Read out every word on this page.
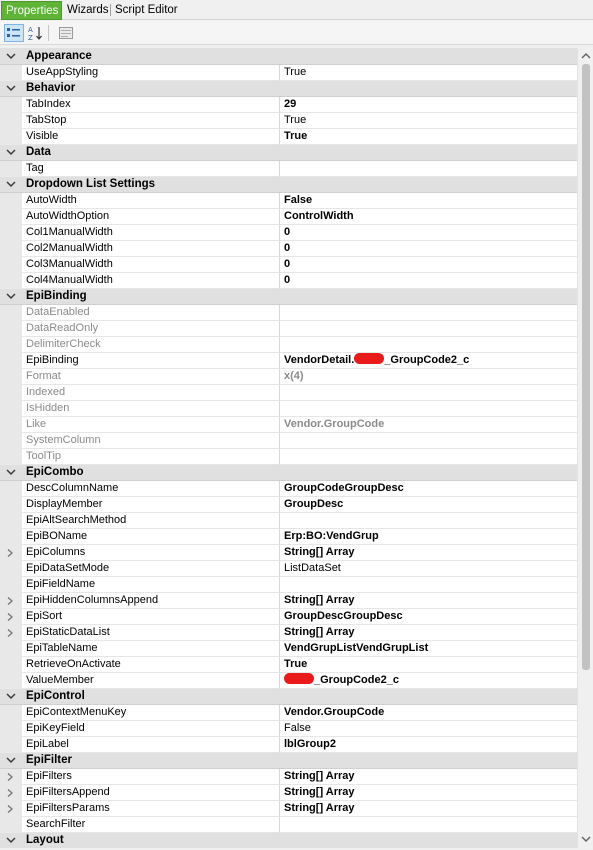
Properties Wizards Script Editor
A
Z
Appearance
UseAppStyling	True
Behavior
TabIndex	29
TabStop	True
Visible	True
Data
Tag
Dropdown List Settings
AutoWidth	False
AutoWidthOption	ControlWidth
Col1ManualWidth	0
Col2ManualWidth	0
Col3ManualWidth	0
Col4ManualWidth	0
EpiBinding
DataEnabled
DataReadOnly
DelimiterCheck
EpiBinding	VendorDetail.	_GroupCode2_c
Format	x(4)
Indexed
IsHidden
Like	Vendor.GroupCode
SystemColumn
ToolTip
EpiCombo
DescColumnName	GroupCodeGroupDesc
DisplayMember	GroupDesc
EpiAltSearchMethod
EpiBOName	Erp:BO:VendGrup
EpiColumns	String[] Array
EpiDataSetMode	ListDataSet
EpiFieldName
EpiHiddenColumnsAppend	String[] Array
EpiSort	GroupDescGroupDesc
EpiStaticDataList	String[] Array
EpiTableName	VendGrupListVendGrupList
RetrieveOnActivate	True
ValueMember	_GroupCode2_c
EpiControl
EpiContextMenuKey	Vendor.GroupCode
EpiKeyField	False
EpiLabel	lblGroup2
EpiFilter
EpiFilters	String[] Array
EpiFiltersAppend	String[] Array
EpiFiltersParams	String[] Array
SearchFilter
Layout
